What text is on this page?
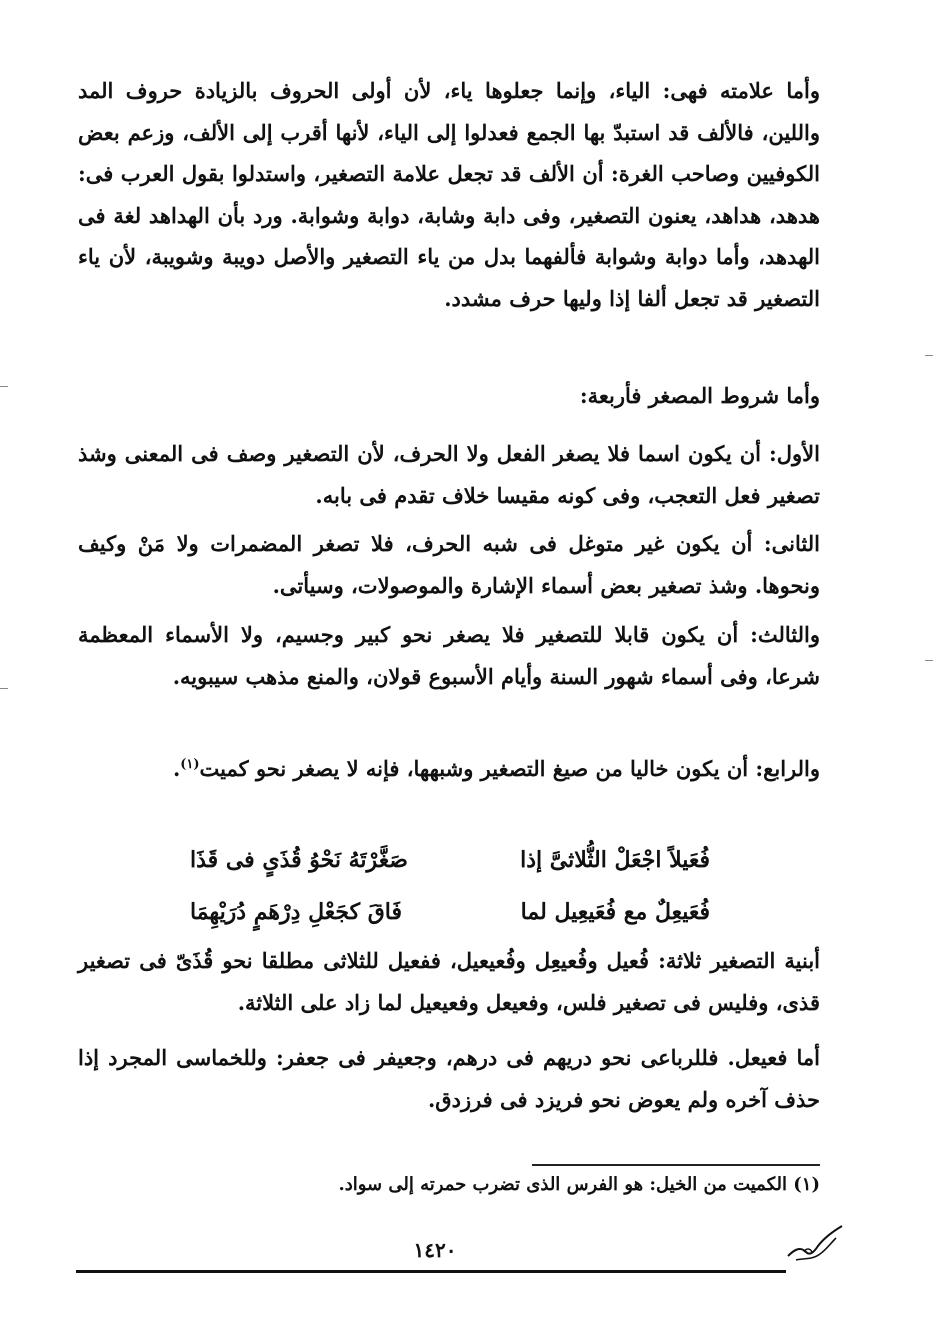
وأما علامته فهى: الياء، وإنما جعلوها ياء، لأن أولى الحروف بالزيادة حروف المد واللين، فالألف قد استبدّ بها الجمع فعدلوا إلى الياء، لأنها أقرب إلى الألف، وزعم بعض الكوفيين وصاحب الغرة: أن الألف قد تجعل علامة التصغير، واستدلوا بقول العرب فى: هدهد، هداهد، يعنون التصغير، وفى دابة وشابة، دوابة وشوابة. ورد بأن الهداهد لغة فى الهدهد، وأما دوابة وشوابة فألفهما بدل من ياء التصغير والأصل دويبة وشويبة، لأن ياء التصغير قد تجعل ألفا إذا وليها حرف مشدد.

وأما شروط المصغر فأربعة:

الأول: أن يكون اسما فلا يصغر الفعل ولا الحرف، لأن التصغير وصف فى المعنى وشذ تصغير فعل التعجب، وفى كونه مقيسا خلاف تقدم فى بابه.

الثانى: أن يكون غير متوغل فى شبه الحرف، فلا تصغر المضمرات ولا مَنْ وكيف ونحوها. وشذ تصغير بعض أسماء الإشارة والموصولات، وسيأتى.

والثالث: أن يكون قابلا للتصغير فلا يصغر نحو كبير وجسيم، ولا الأسماء المعظمة شرعا، وفى أسماء شهور السنة وأيام الأسبوع قولان، والمنع مذهب سيبويه.

والرابع: أن يكون خاليا من صيغ التصغير وشبهها، فإنه لا يصغر نحو كميت$^{(١)}$.

فُعَيلاً اجْعَلْ الثُّلاثىَّ إذا
صَغَّرْتَهُ نَحْوُ قُذَىٍ فى قَذَا
فُعَيعِلٌ مع فُعَيعِيل لما
فَاقَ كجَعْلِ دِرْهَمٍ دُرَيْهِمَا

أبنية التصغير ثلاثة: فُعيل وفُعيعِل وفُعيعيل، ففعيل للثلاثى مطلقا نحو قُذَىّ فى تصغير قذى، وفليس فى تصغير فلس، وفعيعل وفعيعيل لما زاد على الثلاثة.

أما فعيعل. فللرباعى نحو دريهم فى درهم، وجعيفر فى جعفر: وللخماسى المجرد إذا حذف آخره ولم يعوض نحو فريزد فى فرزدق.

(١) الكميت من الخيل: هو الفرس الذى تضرب حمرته إلى سواد.
١٤٢٠
